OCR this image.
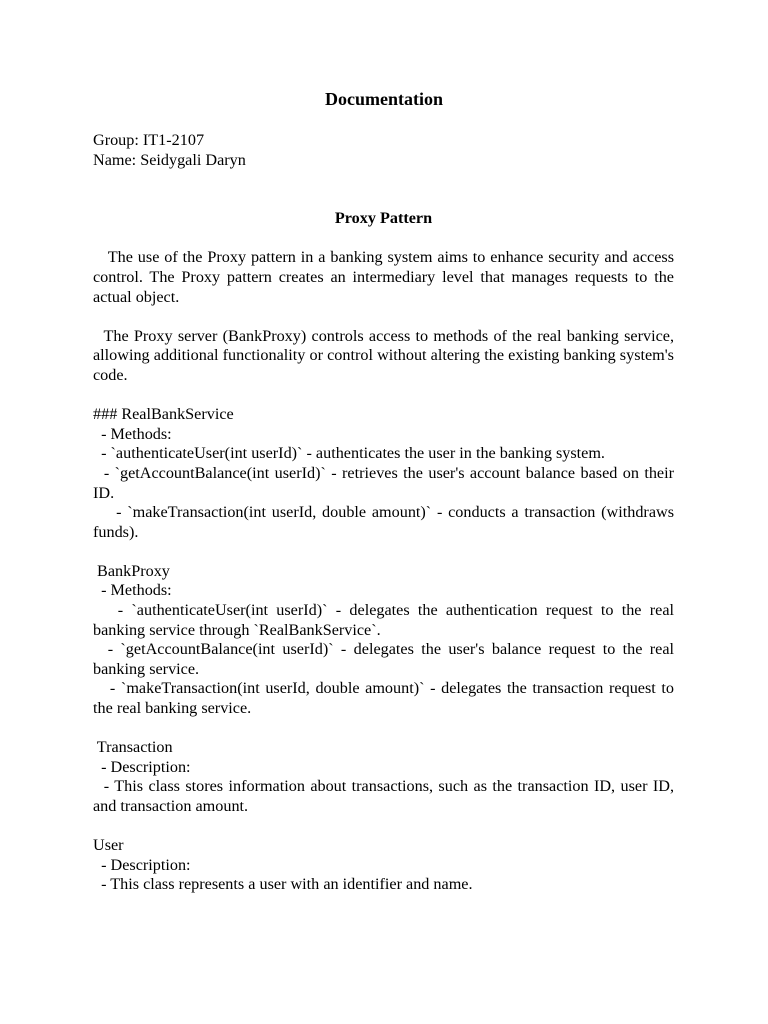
Documentation
Group: IT1-2107
Name: Seidygali Daryn
Proxy Pattern
The use of the Proxy pattern in a banking system aims to enhance security and access control. The Proxy pattern creates an intermediary level that manages requests to the actual object.
The Proxy server (BankProxy) controls access to methods of the real banking service, allowing additional functionality or control without altering the existing banking system's code.
### RealBankService
- Methods:
- `authenticateUser(int userId)` - authenticates the user in the banking system.
- `getAccountBalance(int userId)` - retrieves the user's account balance based on their ID.
- `makeTransaction(int userId, double amount)` - conducts a transaction (withdraws funds).
BankProxy
- Methods:
- `authenticateUser(int userId)` - delegates the authentication request to the real banking service through `RealBankService`.
- `getAccountBalance(int userId)` - delegates the user's balance request to the real banking service.
- `makeTransaction(int userId, double amount)` - delegates the transaction request to the real banking service.
Transaction
- Description:
- This class stores information about transactions, such as the transaction ID, user ID, and transaction amount.
User
- Description:
- This class represents a user with an identifier and name.
